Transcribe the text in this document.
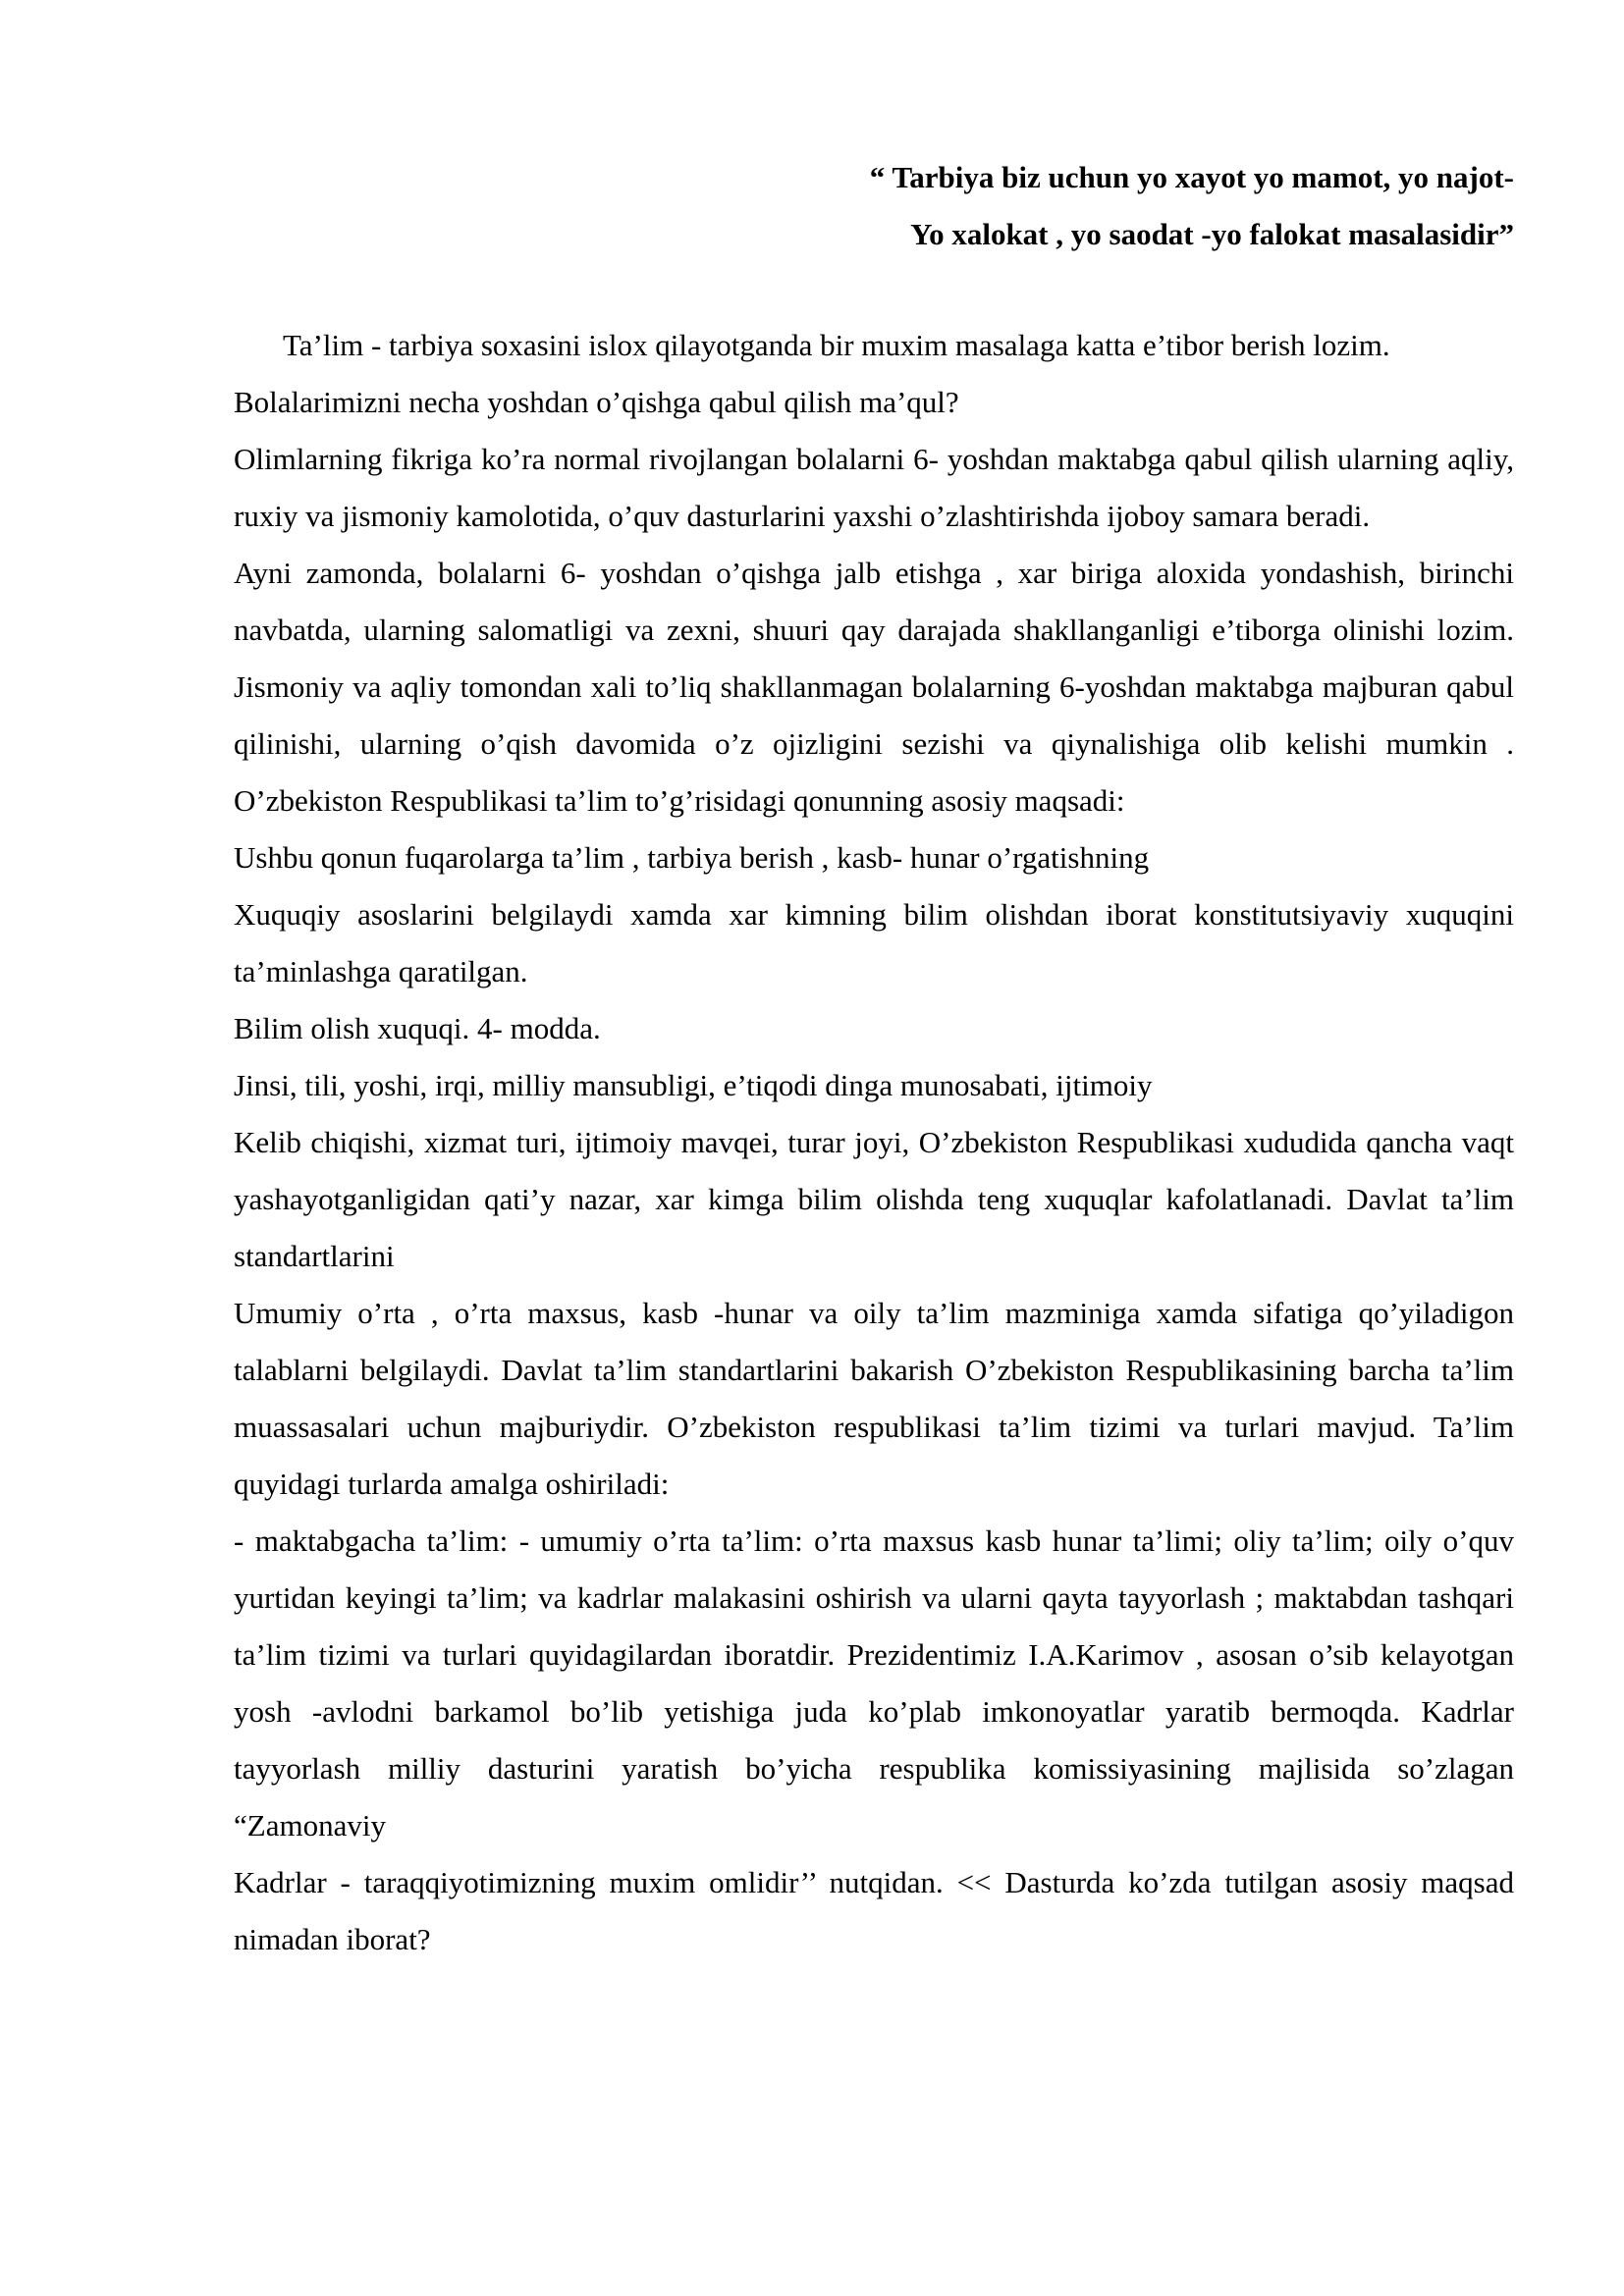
“ Tarbiya biz uchun yo xayot yo mamot, yo najot-
Yo xalokat , yo saodat -yo falokat masalasidir”

Ta’lim - tarbiya soxasini islox qilayotganda bir muxim masalaga katta e’tibor berish lozim.

Bolalarimizni necha yoshdan o’qishga qabul qilish ma’qul?

Olimlarning fikriga ko’ra normal rivojlangan bolalarni 6- yoshdan maktabga qabul qilish ularning aqliy, ruxiy va jismoniy kamolotida, o’quv dasturlarini yaxshi o’zlashtirishda ijoboy samara beradi.

Ayni zamonda, bolalarni 6- yoshdan o’qishga jalb etishga , xar biriga aloxida yondashish, birinchi navbatda, ularning salomatligi va zexni, shuuri qay darajada shakllanganligi e’tiborga olinishi lozim. Jismoniy va aqliy tomondan xali to’liq shakllanmagan bolalarning 6-yoshdan maktabga majburan qabul qilinishi, ularning o’qish davomida o’z ojizligini sezishi va qiynalishiga olib kelishi mumkin . O’zbekiston Respublikasi ta’lim to’g’risidagi qonunning asosiy maqsadi:

Ushbu qonun fuqarolarga ta’lim , tarbiya berish , kasb- hunar o’rgatishning

Xuquqiy asoslarini belgilaydi xamda xar kimning bilim olishdan iborat konstitutsiyaviy xuquqini ta’minlashga qaratilgan.

Bilim olish xuquqi. 4- modda.

Jinsi, tili, yoshi, irqi, milliy mansubligi, e’tiqodi dinga munosabati, ijtimoiy

Kelib chiqishi, xizmat turi, ijtimoiy mavqei, turar joyi, O’zbekiston Respublikasi xududida qancha vaqt yashayotganligidan qati’y nazar, xar kimga bilim olishda teng xuquqlar kafolatlanadi. Davlat ta’lim standartlarini

Umumiy o’rta , o’rta maxsus, kasb -hunar va oily ta’lim mazminiga xamda sifatiga qo’yiladigon talablarni belgilaydi. Davlat ta’lim standartlarini bakarish O’zbekiston Respublikasining barcha ta’lim muassasalari uchun majburiydir. O’zbekiston respublikasi ta’lim tizimi va turlari mavjud. Ta’lim quyidagi turlarda amalga oshiriladi:

- maktabgacha ta’lim: - umumiy o’rta ta’lim: o’rta maxsus kasb hunar ta’limi; oliy ta’lim; oily o’quv yurtidan keyingi ta’lim; va kadrlar malakasini oshirish va ularni qayta tayyorlash ; maktabdan tashqari ta’lim tizimi va turlari quyidagilardan iboratdir. Prezidentimiz I.A.Karimov , asosan o’sib kelayotgan yosh -avlodni barkamol bo’lib yetishiga juda ko’plab imkonoyatlar yaratib bermoqda. Kadrlar tayyorlash milliy dasturini yaratish bo’yicha respublika komissiyasining majlisida so’zlagan “Zamonaviy

Kadrlar - taraqqiyotimizning muxim omlidir’’ nutqidan. << Dasturda ko’zda tutilgan asosiy maqsad nimadan iborat?
